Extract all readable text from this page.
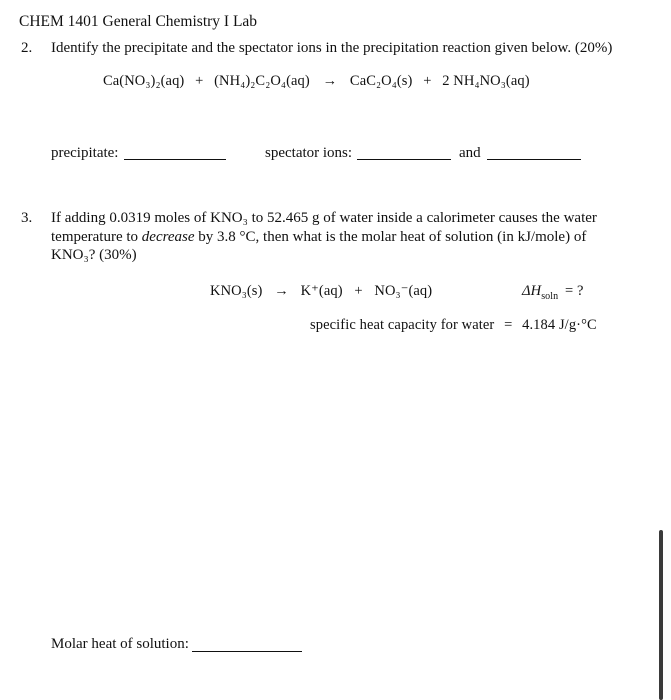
CHEM 1401 General Chemistry I Lab
2. Identify the precipitate and the spectator ions in the precipitation reaction given below. (20%)
Ca(NO₃)₂(aq) + (NH₄)₂C₂O₄(aq) → CaC₂O₄(s) + 2 NH₄NO₃(aq)
precipitate:	spectator ions:	and
3. If adding 0.0319 moles of KNO₃ to 52.465 g of water inside a calorimeter causes the water
temperature to decrease by 3.8 °C, then what is the molar heat of solution (in kJ/mole) of
KNO₃? (30%)
KNO₃(s) → K⁺(aq) + NO₃⁻(aq)	$\Delta H_{soln}$ = ?
specific heat capacity for water = 4.184 J/g·°C
Molar heat of solution:
